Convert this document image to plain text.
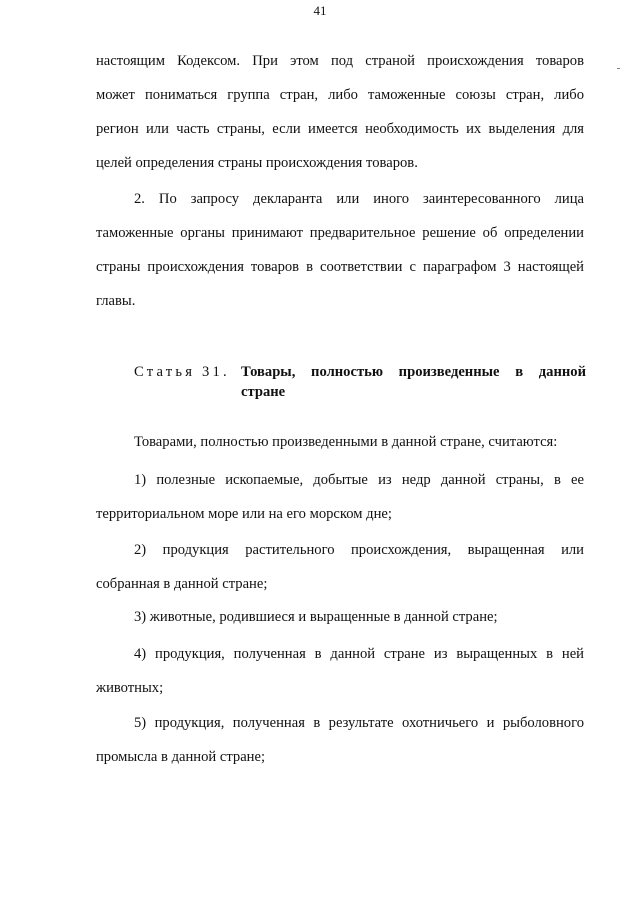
41
настоящим Кодексом. При этом под страной происхождения товаров
может пониматься группа стран, либо таможенные союзы стран, либо
регион или часть страны, если имеется необходимость их выделения для
целей определения страны происхождения товаров.
2. По запросу декларанта или иного заинтересованного лица
таможенные органы принимают предварительное решение об определении
страны происхождения товаров в соответствии с параграфом 3 настоящей
главы.
Статья 31. Товары, полностью произведенные в данной
стране
Товарами, полностью произведенными в данной стране, считаются:
1) полезные ископаемые, добытые из недр данной страны, в ее
территориальном море или на его морском дне;
2) продукция растительного происхождения, выращенная или
собранная в данной стране;
3) животные, родившиеся и выращенные в данной стране;
4) продукция, полученная в данной стране из выращенных в ней
животных;
5) продукция, полученная в результате охотничьего и рыболовного
промысла в данной стране;
